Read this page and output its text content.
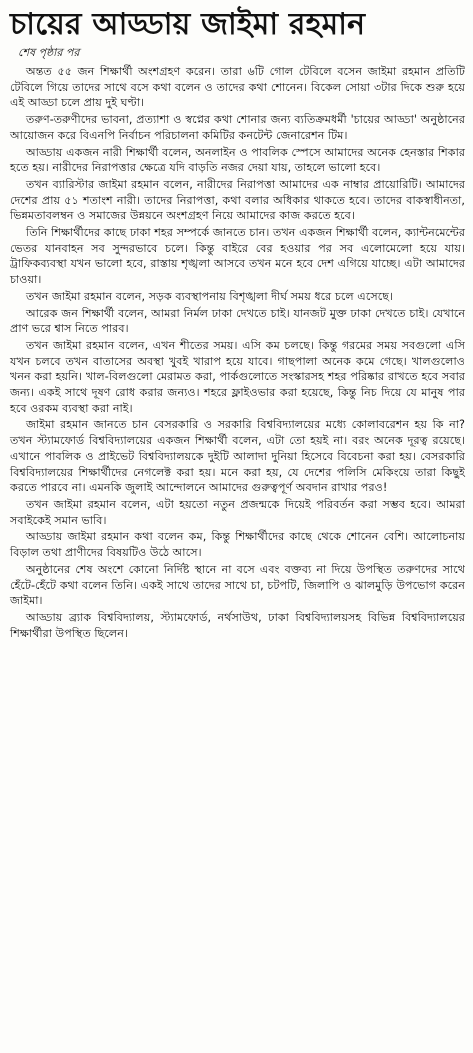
চায়ের আড্ডায় জাইমা রহমান
শেষ পৃষ্ঠার পর

অন্তত ৫৫ জন শিক্ষার্থী অংশগ্রহণ করেন। তারা ৬টি গোল টেবিলে বসেন জাইমা রহমান প্রতিটি টেবিলে গিয়ে তাদের সাথে বসে কথা বলেন ও তাদের কথা শোনেন। বিকেল সোয়া ৩টার দিকে শুরু হয়ে এই আড্ডা চলে প্রায় দুই ঘণ্টা।

তরুণ-তরুণীদের ভাবনা, প্রত্যাশা ও স্বপ্নের কথা শোনার জন্য ব্যতিক্রমধর্মী 'চায়ের আড্ডা' অনুষ্ঠানের আয়োজন করে বিএনপি নির্বাচন পরিচালনা কমিটির কনটেন্ট জেনারেশন টিম।

আড্ডায় একজন নারী শিক্ষার্থী বলেন, অনলাইন ও পাবলিক স্পেসে আমাদের অনেক হেনস্তার শিকার হতে হয়। নারীদের নিরাপত্তার ক্ষেত্রে যদি বাড়তি নজর দেয়া যায়, তাহলে ভালো হবে।

তখন ব্যারিস্টার জাইমা রহমান বলেন, নারীদের নিরাপত্তা আমাদের এক নাম্বার প্রায়োরিটি। আমাদের দেশের প্রায় ৫১ শতাংশ নারী। তাদের নিরাপত্তা, কথা বলার অধিকার থাকতে হবে। তাদের বাকস্বাধীনতা, ভিন্নমতাবলম্বন ও সমাজের উন্নয়নে অংশগ্রহণ নিয়ে আমাদের কাজ করতে হবে।

তিনি শিক্ষার্থীদের কাছে ঢাকা শহর সম্পর্কে জানতে চান। তখন একজন শিক্ষার্থী বলেন, ক্যান্টনমেন্টের ভেতর যানবাহন সব সুন্দরভাবে চলে। কিন্তু বাইরে বের হওয়ার পর সব এলোমেলো হয়ে যায়। ট্রাফিকব্যবস্থা যখন ভালো হবে, রাস্তায় শৃঙ্খলা আসবে তখন মনে হবে দেশ এগিয়ে যাচ্ছে। এটা আমাদের চাওয়া।

তখন জাইমা রহমান বলেন, সড়ক ব্যবস্থাপনায় বিশৃঙ্খলা দীর্ঘ সময় ধরে চলে এসেছে।

আরেক জন শিক্ষার্থী বলেন, আমরা নির্মল ঢাকা দেখতে চাই। যানজট মুক্ত ঢাকা দেখতে চাই। যেখানে প্রাণ ভরে শ্বাস নিতে পারব।

তখন জাইমা রহমান বলেন, এখন শীতের সময়। এসি কম চলছে। কিন্তু গরমের সময় সবগুলো এসি যখন চলবে তখন বাতাসের অবস্থা খুবই খারাপ হয়ে যাবে। গাছপালা অনেক কমে গেছে। খালগুলোও খনন করা হয়নি। খাল-বিলগুলো মেরামত করা, পার্কগুলোতে সংস্কারসহ শহর পরিষ্কার রাখতে হবে সবার জন্য। একই সাথে দূষণ রোধ করার জন্যও। শহরে ফ্লাইওভার করা হয়েছে, কিন্তু নিচ দিয়ে যে মানুষ পার হবে ওরকম ব্যবস্থা করা নাই।

জাইমা রহমান জানতে চান বেসরকারি ও সরকারি বিশ্ববিদ্যালয়ের মধ্যে কোলাবরেশন হয় কি না? তখন স্ট্যামফোর্ড বিশ্ববিদ্যালয়ের একজন শিক্ষার্থী বলেন, এটা তো হয়ই না। বরং অনেক দূরত্ব রয়েছে। এখানে পাবলিক ও প্রাইভেট বিশ্ববিদ্যালয়কে দুইটি আলাদা দুনিয়া হিসেবে বিবেচনা করা হয়। বেসরকারি বিশ্ববিদ্যালয়ের শিক্ষার্থীদের নেগলেক্ট করা হয়। মনে করা হয়, যে দেশের পলিসি মেকিংয়ে তারা কিছুই করতে পারবে না। এমনকি জুলাই আন্দোলনে আমাদের গুরুত্বপূর্ণ অবদান রাখার পরও!

তখন জাইমা রহমান বলেন, এটা হয়তো নতুন প্রজন্মকে দিয়েই পরিবর্তন করা সম্ভব হবে। আমরা সবাইকেই সমান ভাবি।

আড্ডায় জাইমা রহমান কথা বলেন কম, কিন্তু শিক্ষার্থীদের কাছে থেকে শোনেন বেশি। আলোচনায় বিড়াল তথা প্রাণীদের বিষয়টিও উঠে আসে।

অনুষ্ঠানের শেষ অংশে কোনো নির্দিষ্ট স্থানে না বসে এবং বক্তব্য না দিয়ে উপস্থিত তরুণদের সাথে হেঁটে-হেঁটে কথা বলেন তিনি। একই সাথে তাদের সাথে চা, চটপটি, জিলাপি ও ঝালমুড়ি উপভোগ করেন জাইমা।

আড্ডায় ব্র্যাক বিশ্ববিদ্যালয়, স্ট্যামফোর্ড, নর্থসাউথ, ঢাকা বিশ্ববিদ্যালয়সহ বিভিন্ন বিশ্ববিদ্যালয়ের শিক্ষার্থীরা উপস্থিত ছিলেন।
